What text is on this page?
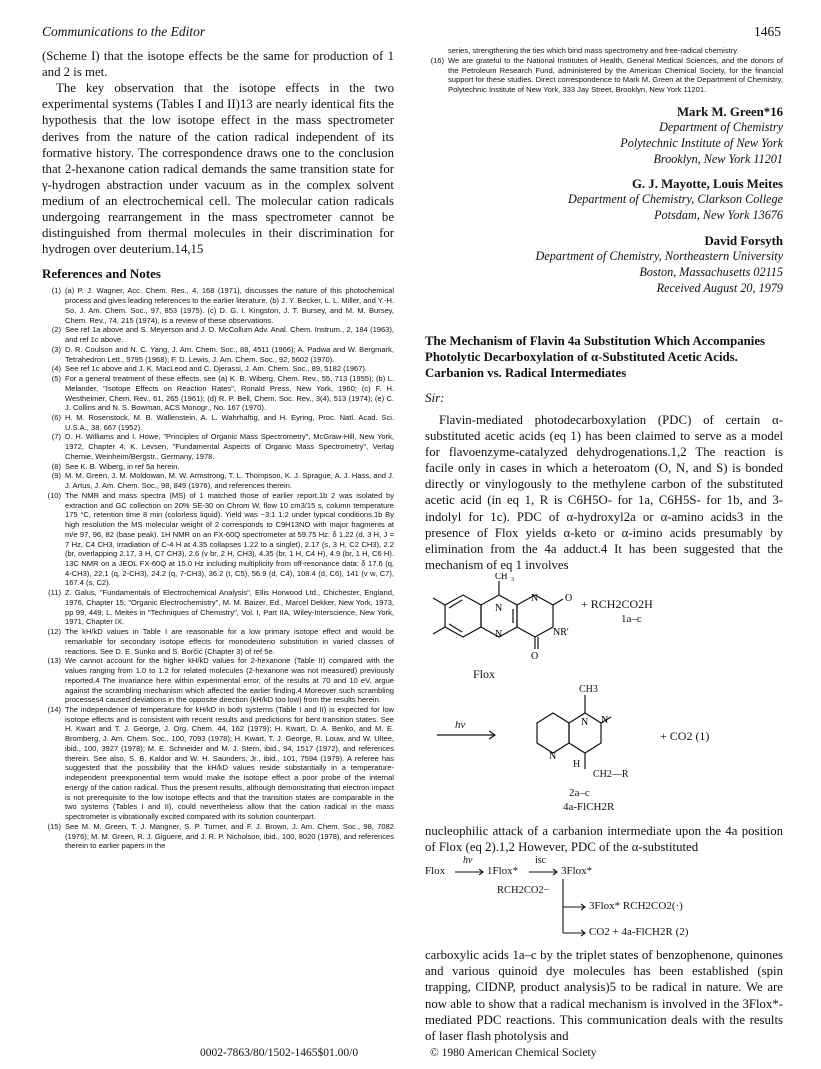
Communications to the Editor	1465

(Scheme I) that the isotope effects be the same for production of 1 and 2 is met.

The key observation that the isotope effects in the two experimental systems (Tables I and II)13 are nearly identical fits the hypothesis that the low isotope effect in the mass spectrometer derives from the nature of the cation radical independent of its formative history. The correspondence draws one to the conclusion that 2-hexanone cation radical demands the same transition state for γ-hydrogen abstraction under vacuum as in the complex solvent medium of an electrochemical cell. The molecular cation radicals undergoing rearrangement in the mass spectrometer cannot be distinguished from thermal molecules in their discrimination for hydrogen over deuterium.14,15

References and Notes
(1) (a) P. J. Wagner, Acc. Chem. Res., 4, 168 (1971), discusses the nature of this photochemical process and gives leading references to the earlier literature. (b) J. Y. Becker, L. L. Miller, and Y.-H. So, J. Am. Chem. Soc., 97, 853 (1975). (c) D. G. I. Kingston, J. T. Bursey, and M. M. Bursey, Chem. Rev., 74, 215 (1974), is a review of these observations.
(2) See ref 1a above and S. Meyerson and J. D. McCollum Adv. Anal. Chem. Instrum., 2, 184 (1963), and ref 1c above.
(3) D. R. Coulson and N. C. Yang, J. Am. Chem. Soc., 88, 4511 (1966); A. Padwa and W. Bergmark, Tetrahedron Lett., 5795 (1968); F. D. Lewis, J. Am. Chem. Soc., 92, 5602 (1970).
(4) See ref 1c above and J. K. MacLeod and C. Djerassi, J. Am. Chem. Soc., 89, 5182 (1967).
(5) For a general treatment of these effects, see (a) K. B. Wiberg, Chem. Rev., 55, 713 (1955); (b) L. Melander, "Isotope Effects on Reaction Rates", Ronald Press, New York, 1960; (c) F. H. Westheimer, Chem. Rev., 61, 265 (1961); (d) R. P. Bell, Chem. Soc. Rev., 3(4), 513 (1974); (e) C. J. Collins and N. S. Bowman, ACS Monogr., No. 167 (1970).
(6) H. M. Rosenstock, M. B. Wallenstein, A. L. Wahrhaftig, and H. Eyring, Proc. Natl. Acad. Sci. U.S.A., 38, 667 (1952).
(7) D. H. Williams and I. Howe, "Principles of Organic Mass Spectrometry", McGraw-Hill, New York, 1972, Chapter 4; K. Levsen, "Fundamental Aspects of Organic Mass Spectrometry", Verlag Chemie, Weinheim/Bergstr., Germany, 1978.
(8) See K. B. Wiberg, in ref 5a herein.
(9) M. M. Green, J. M. Moldowan, M. W. Armstrong, T. L. Thompson, K. J. Sprague, A. J. Hass, and J. J. Artus, J. Am. Chem. Soc., 98, 849 (1976), and references therein.
(10) The NMR and mass spectra (MS) of 1 matched those of earlier report.1b 2 was isolated by extraction and GC collection on 20% SE-30 on Chrom W, flow 10 cm3/15 s, column temperature 175 °C, retention time 8 min (colorless liquid). Yield was ~3:1 1:2 under typical conditions.1b By high resolution the MS molecular weight of 2 corresponds to C9H13NO with major fragments at m/e 97, 96, 82 (base peak). 1H NMR on an FX-60Q spectrometer at 59.75 Hz: δ 1.22 (d, 3 H, J = 7 Hz, C4 CH3, irradiation of C-4 H at 4.35 collapses 1.22 to a singlet), 2.17 (s, 3 H, C2 CH3), 2.2 (br, overlapping 2.17, 3 H, C7 CH3), 2.6 (v br, 2 H, CH3), 4.35 (br, 1 H, C4 H), 4.9 (br, 1 H, C6 H). 13C NMR on a JEOL FX-60Q at 15.0 Hz including multiplicity from off-resonance data: δ 17.6 (q, 4-CH3), 22.1 (q, 2-CH3), 24.2 (q, 7-CH3), 36.2 (t, C5), 56.9 (d, C4), 108.4 (d, C6), 141 (v w, C7), 167.4 (s, C2).
(11) Z. Galus, "Fundamentals of Electrochemical Analysis", Ellis Horwood Ltd., Chichester, England, 1976, Chapter 15; "Organic Electrochemistry", M. M. Baizer, Ed., Marcel Dekker, New York, 1973, pp 99, 449; L. Meites in "Techniques of Chemistry", Vol. I, Part IIA, Wiley-Interscience, New York, 1971, Chapter IX.
(12) The kH/kD values in Table I are reasonable for a low primary isotope effect and would be remarkable for secondary isotope effects for monodeuterio substitution in varied classes of reactions. See D. E. Sunko and S. Borčić (Chapter 3) of ref 5e.
(13) We cannot account for the higher kH/kD values for 2-hexanone (Table II) compared with the values ranging from 1.0 to 1.2 for related molecules (2-hexanone was not measured) previously reported.4 The invariance here within experimental error, of the results at 70 and 10 eV, argue against the scrambling mechanism which affected the earlier finding.4 Moreover such scrambling processes4 caused deviations in the opposite direction (kH/kD too low) from the results herein.
(14) The independence of temperature for kH/kD in both systems (Table I and II) is expected for low isotope effects and is consistent with recent results and predictions for bent transition states. See H. Kwart and T. J. George, J. Org. Chem. 44, 162 (1979); H. Kwart, D. A. Benko, and M. E. Bromberg, J. Am. Chem. Soc., 100, 7093 (1978); H. Kwart, T. J. George, R. Louw, and W. Ultee, ibid., 100, 3927 (1978); M. E. Schneider and M. J. Stern, ibid., 94, 1517 (1972), and references therein. See also, S. B. Kaldor and W. H. Saunders, Jr., ibid., 101, 7594 (1979). A referee has suggested that the possibility that the kH/kD values reside substantially in a temperature-independent preexponential term would make the isotope effect a poor probe of the internal energy of the cation radical. Thus the present results, although demonstrating that electron impact is not prerequisite to the low isotope effects and that the transition states are comparable in the two systems (Tables I and II), could nevertheless allow that the cation radical in the mass spectrometer is vibrationally excited compared with its solution counterpart.
(15) See M. M. Green, T. J. Mangner, S. P. Turner, and F. J. Brown, J. Am. Chem. Soc., 98, 7082 (1976); M. M. Green, R. J. Giguere, and J. R. P. Nicholson, ibid., 100, 8020 (1978), and references therein to earlier papers in the
series, strengthening the ties which bind mass spectrometry and free-radical chemistry.
(16) We are grateful to the National Institutes of Health, General Medical Sciences, and the donors of the Petroleum Research Fund, administered by the American Chemical Society, for the financial support for these studies. Direct correspondence to Mark M. Green at the Department of Chemistry, Polytechnic Institute of New York, 333 Jay Street, Brooklyn, New York 11201.
Mark M. Green*16
Department of Chemistry
Polytechnic Institute of New York
Brooklyn, New York 11201
G. J. Mayotte, Louis Meites
Department of Chemistry, Clarkson College
Potsdam, New York 13676
David Forsyth
Department of Chemistry, Northeastern University
Boston, Massachusetts 02115
Received August 20, 1979
The Mechanism of Flavin 4a Substitution Which Accompanies Photolytic Decarboxylation of α-Substituted Acetic Acids. Carbanion vs. Radical Intermediates
Sir:

Flavin-mediated photodecarboxylation (PDC) of certain α-substituted acetic acids (eq 1) has been claimed to serve as a model for flavoenzyme-catalyzed dehydrogenations.1,2 The reaction is facile only in cases in which a heteroatom (O, N, and S) is bonded directly or vinylogously to the methylene carbon of the substituted acetic acid (in eq 1, R is C6H5O- for 1a, C6H5S- for 1b, and 3-indolyl for 1c). PDC of α-hydroxyl2a or α-amino acids3 in the presence of Flox yields α-keto or α-imino acids presumably by elimination from the 4a adduct.4 It has been suggested that the mechanism of eq 1 involves

CH 3
N
N
N	O
NR'
O
N N
N
+ RCH2CO2H
1a–c
Flox
hν
CH3
+ CO2 (1)
H
CH2—R
2a–c
4a-FlCH2R

nucleophilic attack of a carbanion intermediate upon the 4a position of Flox (eq 2).1,2 However, PDC of the α-substituted

Flox
hν
1Flox*
isc
3Flox*
RCH2CO2−
3Flox* RCH2CO2(·)
CO2 + 4a-FlCH2R (2)

carboxylic acids 1a–c by the triplet states of benzophenone, quinones and various quinoid dye molecules has been established (spin trapping, CIDNP, product analysis)5 to be radical in nature. We are now able to show that a radical mechanism is involved in the 3Flox*-mediated PDC reactions. This communication deals with the results of laser flash photolysis and

0002-7863/80/1502-1465$01.00/0	© 1980 American Chemical Society
